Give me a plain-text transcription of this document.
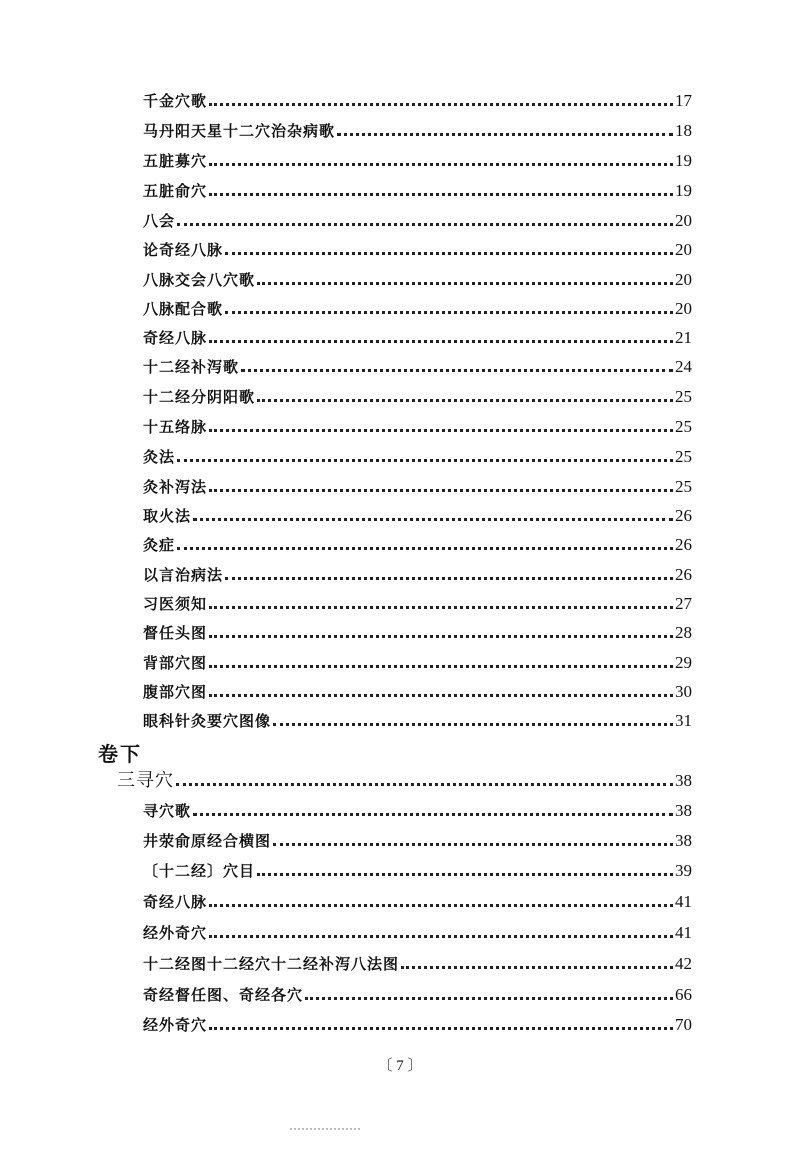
千金穴歌	17
马丹阳天星十二穴治杂病歌	18
五脏募穴	19
五脏俞穴	19
八会	20
论奇经八脉	20
八脉交会八穴歌	20
八脉配合歌	20
奇经八脉	21
十二经补泻歌	24
十二经分阴阳歌	25
十五络脉	25
灸法	25
灸补泻法	25
取火法	26
灸症	26
以言治病法	26
习医须知	27
督任头图	28
背部穴图	29
腹部穴图	30
眼科针灸要穴图像	31
卷下
三寻穴	38
寻穴歌	38
井荥俞原经合横图	38
〔十二经〕穴目	39
奇经八脉	41
经外奇穴	41
十二经图十二经穴十二经补泻八法图	42
奇经督任图、奇经各穴	66
经外奇穴	70
〔 7 〕
